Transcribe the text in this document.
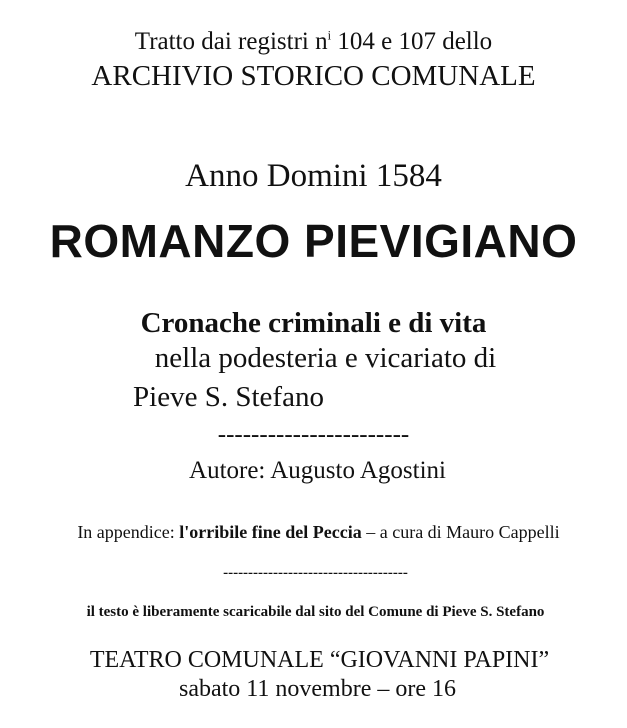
Tratto dai registri $n^i$ 104 e 107 dello
ARCHIVIO STORICO COMUNALE
Anno Domini 1584
ROMANZO PIEVIGIANO
Cronache criminali e di vita
nella podesteria e vicariato di
Pieve S. Stefano
-----------------------
Autore: Augusto Agostini
In appendice: l'orribile fine del Peccia – a cura di Mauro Cappelli
-------------------------------------
il testo è liberamente scaricabile dal sito del Comune di Pieve S. Stefano
TEATRO COMUNALE “GIOVANNI PAPINI”
sabato 11 novembre – ore 16
